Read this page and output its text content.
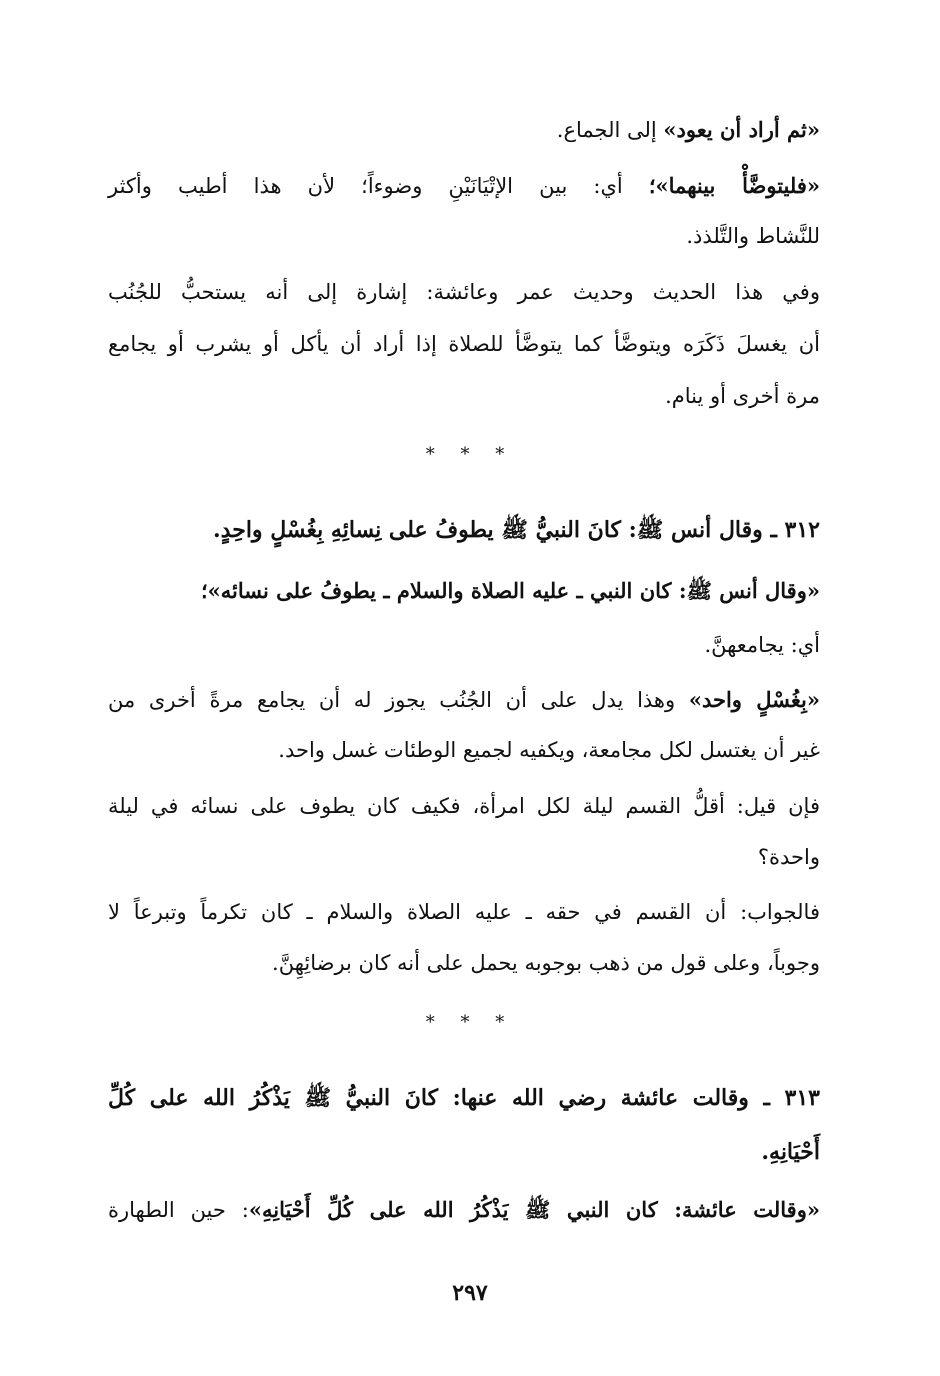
«ثم أراد أن يعود» إلى الجماع.
«فليتوضَّأْ بينهما»؛ أي: بين الإتْيَانَيْنِ وضوءاً؛ لأن هذا أطيب وأكثر
للنَّشاط والتَّلذذ.
وفي هذا الحديث وحديث عمر وعائشة: إشارة إلى أنه يستحبُّ للجُنُب
أن يغسلَ ذَكَرَه ويتوضَّأ كما يتوضَّأ للصلاة إذا أراد أن يأكل أو يشرب أو يجامع
مرة أخرى أو ينام.
* * *
٣١٢ ـ وقال أنس ﷺ: كانَ النبيُّ ﷺ يطوفُ على نِسائِهِ بِغُسْلٍ واحِدٍ.
«وقال أنس ﷺ: كان النبي ـ عليه الصلاة والسلام ـ يطوفُ على نسائه»؛
أي: يجامعهنَّ.
«بِغُسْلٍ واحد» وهذا يدل على أن الجُنُب يجوز له أن يجامع مرةً أخرى من
غير أن يغتسل لكل مجامعة، ويكفيه لجميع الوطئات غسل واحد.
فإن قيل: أقلُّ القسم ليلة لكل امرأة، فكيف كان يطوف على نسائه في ليلة
واحدة؟
فالجواب: أن القسم في حقه ـ عليه الصلاة والسلام ـ كان تكرماً وتبرعاً لا
وجوباً، وعلى قول من ذهب بوجوبه يحمل على أنه كان برضائِهِنَّ.
* * *
٣١٣ ـ وقالت عائشة رضي الله عنها: كانَ النبيُّ ﷺ يَذْكُرُ الله على كُلِّ
أَحْيَانِهِ.
«وقالت عائشة: كان النبي ﷺ يَذْكُرُ الله على كُلِّ أَحْيَانِهِ»: حين الطهارة
٢٩٧
